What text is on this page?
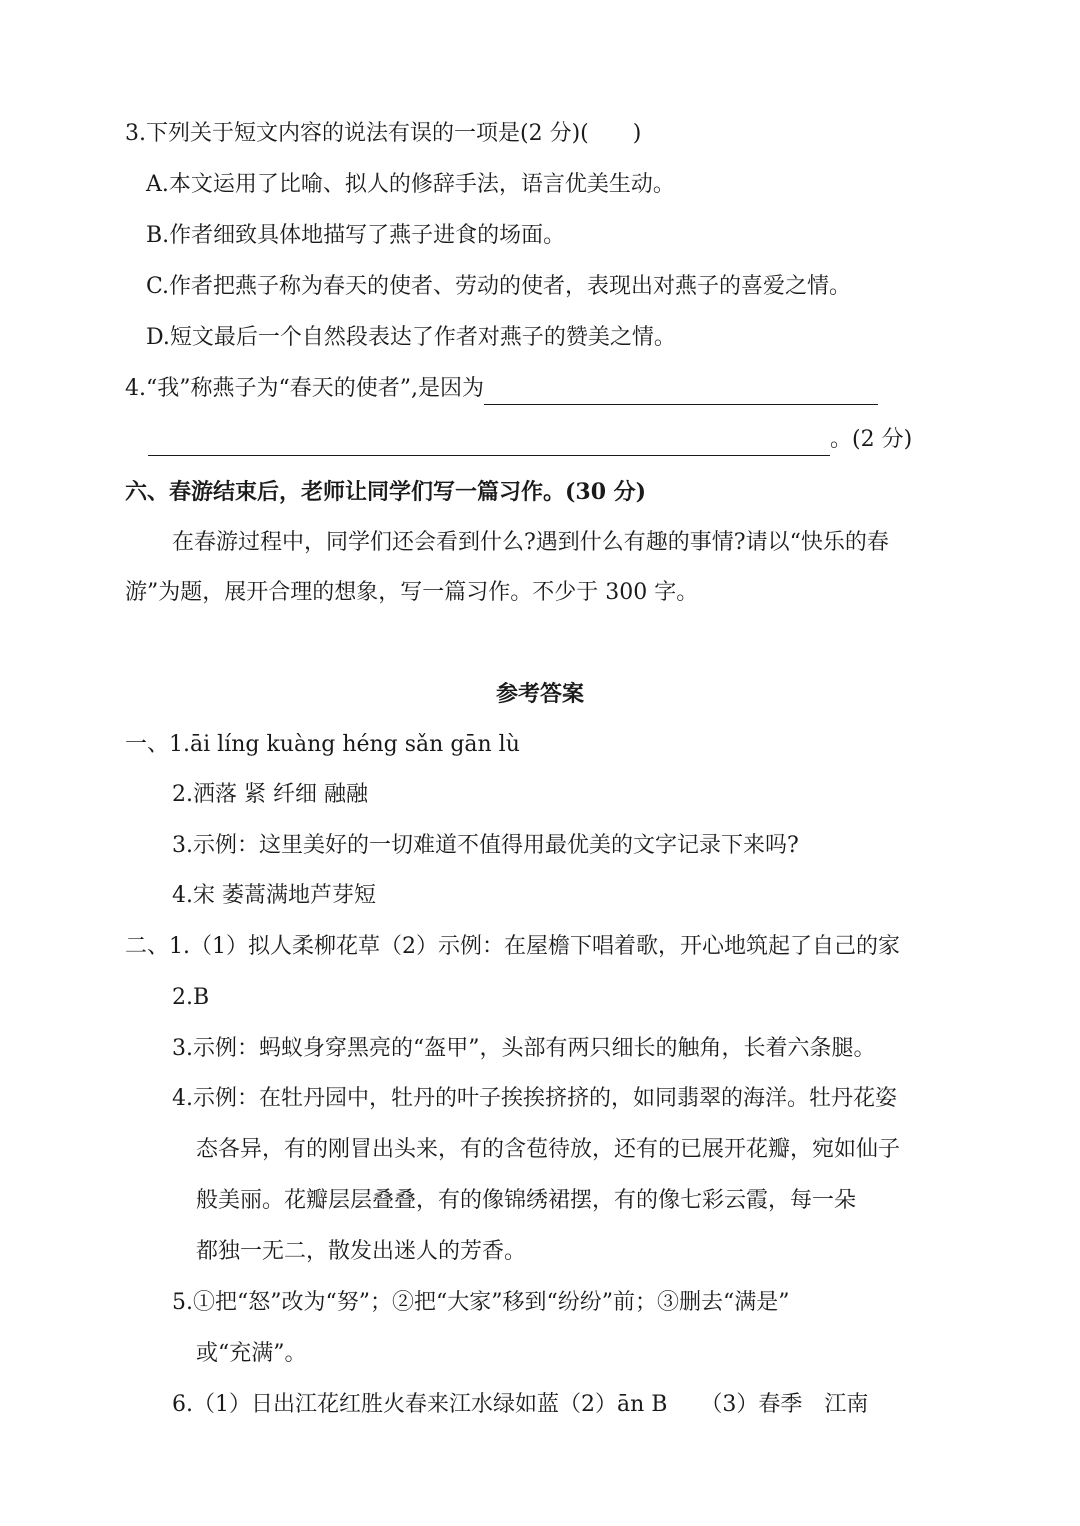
3.下列关于短文内容的说法有误的一项是(2 分)(　　)
A.本文运用了比喻、拟人的修辞手法，语言优美生动。
B.作者细致具体地描写了燕子进食的场面。
C.作者把燕子称为春天的使者、劳动的使者，表现出对燕子的喜爱之情。
D.短文最后一个自然段表达了作者对燕子的赞美之情。
4.“我”称燕子为“春天的使者”,是因为
。(2 分)
六、春游结束后，老师让同学们写一篇习作。(30 分)
在春游过程中，同学们还会看到什么?遇到什么有趣的事情?请以“快乐的春
游”为题，展开合理的想象，写一篇习作。不少于 300 字。
参考答案
一、1.āi líng kuàng héng sǎn gān lù
2.洒落 紧 纤细 融融
3.示例：这里美好的一切难道不值得用最优美的文字记录下来吗?
4.宋 萎蒿满地芦芽短
二、1.（1）拟人柔柳花草（2）示例：在屋檐下唱着歌，开心地筑起了自己的家
2.B
3.示例：蚂蚁身穿黑亮的“盔甲”，头部有两只细长的触角，长着六条腿。
4.示例：在牡丹园中，牡丹的叶子挨挨挤挤的，如同翡翠的海洋。牡丹花姿
态各异，有的刚冒出头来，有的含苞待放，还有的已展开花瓣，宛如仙子
般美丽。花瓣层层叠叠，有的像锦绣裙摆，有的像七彩云霞，每一朵
都独一无二，散发出迷人的芳香。
5.①把“怒”改为“努”；②把“大家”移到“纷纷”前；③删去“满是”
或“充满”。
6.（1）日出江花红胜火春来江水绿如蓝（2）ān B　　（3）春季　江南
